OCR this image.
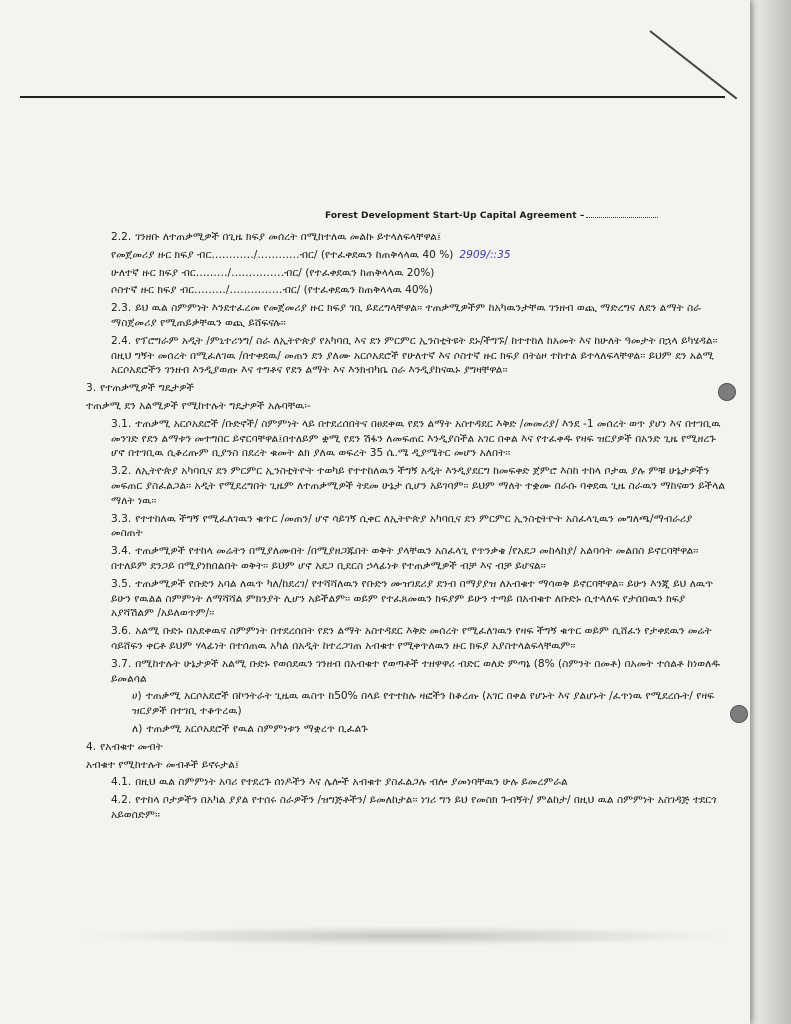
Forest Development Start-Up Capital Agreement –
2.2. ገንዘቡ ለተጠቃሚዎች በጊዜ ክፍያ መሰረት በሚከተለዉ መልኩ ይተላለፍላቸዋል፤
የመጀመሪያ ዙር ክፍያ ብር…………/…………ብር/ (የተፈቀደዉን ከጠቅላላዉ 40 %) 2909/::35
ሁለተኛ ዙር ክፍያ ብር………/……………ብር/ (የተፈቀደዉን ከጠቅላላዉ 20%)
ሶስተኛ ዙር ክፍያ ብር………/……………ብር/ (የተፈቀደዉን ከጠቅላላዉ 40%)
2.3. ይህ ዉል ስምምነት እንደተፈረመ የመጀመሪያ ዙር ክፍያ ገቢ ይደረግላቸዋል፡፡ ተጠቃሚዎችም ከአካዉንታቸዉ ገንዘብ ወጪ ማድረግና ለደን ልማት ስራ ማስጀመሪያ የሚጠይቃቸዉን ወጪ ይሸፍናሉ፡፡
2.4. የፕሮግራም አዲት /ምኒተሪንግ/ ስራ ለኢትዮጵያ የአካባቢ እና ደን ምርምር ኢንስቲትዩት ደኑ/ችግኙ/ ከተተከለ ከአመት እና ከሁለት ዓመታት በኋላ ይካሄዳል፡፡ በዚህ ግኝት መሰረት በሚፈለገዉ /በተቀደዉ/ መጠን ደን ያለሙ አርሶአደሮች የሁለተኛ እና ሶስተኛ ዙር ክፍያ በትዕዞ ተከተል ይተላለፍላቸዋል፡፡ ይህም ደን አልሚ አርሶአደሮችን ገንዘብ እንዲያወጡ እና ተግቶና የደን ልማት እና እንክብካቤ ስራ እንዲያከናዉኑ ያግዛቸዋል፡፡
3. የተጠቃሚዎች ግዴታዎች
ተጠቃሚ ደን አልሚዎች የሚከተሉት ግዴታዎች አሉባቸዉ፡-
3.1. ተጠቃሚ አርሶአደሮች /ቡድኖች/ ስምምነት ላይ በተደረሰበትና በፀደቀዉ የደን ልማት አስተዳደር እቅድ /መመሪያ/ እንደ -1 መሰረት ወጥ ያሆነ እና በተገቢዉ መንገድ የደን ልማቱን መተግበር ይኖርባቸዋል፤በተለይም ቋሚ የደን ሽፋን ለመፍጠር እንዲያስችል አገር በቀል እና የተፈቀዱ የዛፍ ዝርያዎች በአንድ ጊዜ የሚዘረጉ ሆኖ በተገቢዉ ሲቆረጡም ቢያንስ በደረት ቁመት ልክ ያለዉ ወፍረት 35 ሴ.ሜ ዲያሜትር መሆን አለበት፡፡
3.2. ለኢትዮጵያ አካባቢና ደን ምርምር ኢንስቲትዮት ተወካይ የተተከለዉን ችግኝ አዲት እንዲያደርግ ከመፍቀድ ጀምሮ እስከ ተከላ ቦታዉ ያሉ ምቹ ሁኔታዎችን መፍጠር ያስፈልጋል፡፡ አዲት የሚደረግበት ጊዜም ለተጠቃሚዎች ትደመ ሁኔታ ሲሆን አይገባም፡፡ ይህም ማለት ተቋሙ በራሱ ባቀደዉ ጊዜ ስራዉን ማከናወን ይችላል ማለት ነዉ፡፡
3.3. የተተከለዉ ችግኝ የሚፈለገዉን ቁጥር /መጠን/ ሆኖ ሳይገኝ ሲቀር ለኢትዮጵያ አካባቢና ደን ምርምር ኢንስቲትዮት አስፈላጊዉን መግለጫ/ማብራሪያ መስጠት
3.4. ተጠቃሚዎች የተከላ መሬትን በሚያለሙበት /በሚያዘጋጁበት ወቅት ያላቸዉን አስፈላጊ የጥንቃቄ /የአደጋ መከላከያ/ አልባሳት መልበስ ይኖርባቸዋል፡፡ በተለይም ደንጋይ በሚያነክበልበት ወቅት፡፡ ይህም ሆኖ አደጋ ቢደርስ ኃላፊነቱ የተጠቃሚዎች ብቻ እና ብቻ ይሆናል፡፡
3.5. ተጠቃሚዎች የቡድን አባል ለዉጥ ካለ/ከደረገ/ የተሻሻለዉን የቡድን ሙዝገደሪያ ደንብ በማያያዝ ለአብቁተ ማሳወቅ ይኖርባቸዋል፡፡ ይሁን እንጂ ይህ ለዉጥ ይሁን የዉልል ስምምነት ለማሻሻል ምክንያት ሊሆን አይችልም፡፡ ወይም የተፈጸመዉን ክፍያም ይሁን ተጣይ በአብቁተ ለቡድኑ ሲተላለፍ የታሰበዉን ክፍያ አያሻሽልም /አይለወጥም/፡፡
3.6. አልሚ ቡድኑ በአደቀዉና ስምምነት በተደረሰበት የደን ልማት አስተዳደር እቅድ መሰረት የሚፈለገዉን የዛፍ ችግኝ ቁጥር ወይም ሲሸፈን የታቀደዉን መሬት ሳይሸፍን ቀርቶ ይህም ሃላፊነት በተሰጠዉ አካል በአዲት ከተረጋገጠ አብቁተ የሚቀጥለዉን ዙር ክፍያ አያስተላልፍላቸዉም፡፡
3.7. በሚከተሉት ሁኔታዎች አልሚ ቡድኑ የወሰደዉን ገንዘብ በአብቁተ የወጣቶች ተዘዋዋሪ ብድር ወለድ ምጣኔ (8% (ስምንት በመቶ) በአመት ተሰልቶ ከነወለዱ ይመልሳል
ሀ) ተጠቃሚ አርሶአደሮች በኮንትራት ጊዜዉ ዉስጥ ከ50% በላይ የተተከሉ ዛፎችን ከቆረጡ (አገር በቀል የሆኑት እና ያልሆኑት /ፈጥነዉ የሚደረሱት/ የዛፍ ዝርያዎች በተገቢ ተቆጥረዉ)
ለ) ተጠቃሚ አርሶአደሮች የዉል ስምምነቱን ማቋረጥ ቢፈልጉ
4. የአብቁተ መብት
አብቁተ የሚከተሉት መብቶች ይኖሩታል፤
4.1. በዚህ ዉል ስምምነት አባሪ የተደረጉ ሰነዶችን እና ሌሎች አብቁተ ያስፈልጋሉ ብሎ ያመነባቸዉን ሁሉ ይመረምራል
4.2. የተከላ ቦታዎችን በአካል ያያል የተሰሩ ስራዎችን /ዝግጅቶችን/ ይመለከታል፡፡ ነገሪ ግን ይህ የመስክ ጉብኝት/ ምልከታ/ በዚህ ዉል ስምምነት አስገዳጅ ተደርጎ አይወሰድም፡፡
